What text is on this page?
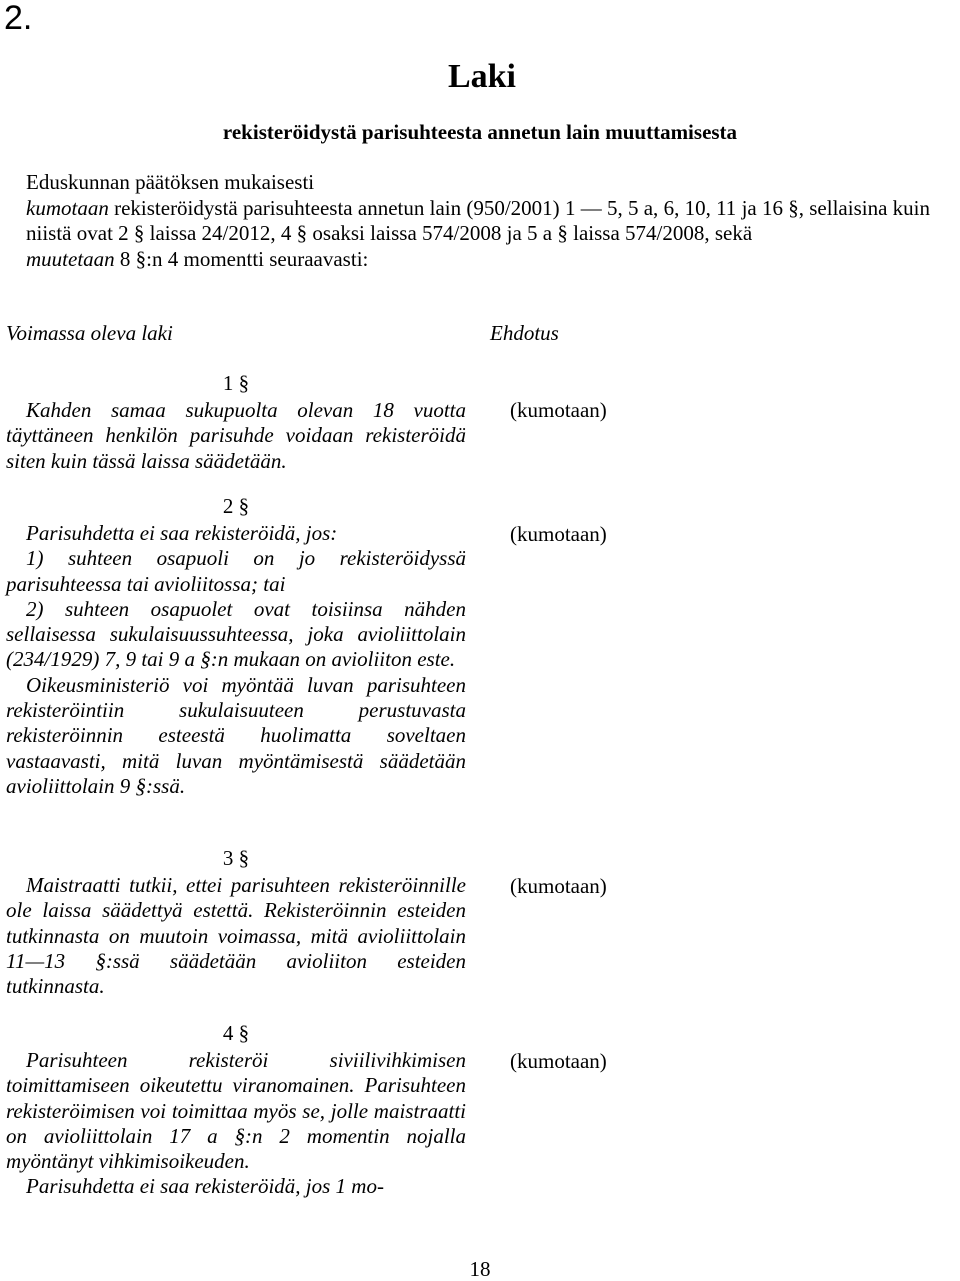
2.
Laki
rekisteröidystä parisuhteesta annetun lain muuttamisesta

Eduskunnan päätöksen mukaisesti

kumotaan rekisteröidystä parisuhteesta annetun lain (950/2001) 1 — 5, 5 a, 6, 10, 11 ja 16 §, sellaisina kuin niistä ovat 2 § laissa 24/2012, 4 § osaksi laissa 574/2008 ja 5 a § laissa 574/2008, sekä

muutetaan 8 §:n 4 momentti seuraavasti:

Voimassa oleva laki	Ehdotus
1 §

Kahden samaa sukupuolta olevan 18 vuotta täyttäneen henkilön parisuhde voidaan rekisteröidä siten kuin tässä laissa säädetään.

(kumotaan)
2 §

Parisuhdetta ei saa rekisteröidä, jos:

1) suhteen osapuoli on jo rekisteröidyssä parisuhteessa tai avioliitossa; tai

2) suhteen osapuolet ovat toisiinsa nähden sellaisessa sukulaisuussuhteessa, joka avioliittolain (234/1929) 7, 9 tai 9 a §:n mukaan on avioliiton este.

Oikeusministeriö voi myöntää luvan parisuhteen rekisteröintiin sukulaisuuteen perustuvasta rekisteröinnin esteestä huolimatta soveltaen vastaavasti, mitä luvan myöntämisestä säädetään avioliittolain 9 §:ssä.

(kumotaan)
3 §

Maistraatti tutkii, ettei parisuhteen rekisteröinnille ole laissa säädettyä estettä. Rekisteröinnin esteiden tutkinnasta on muutoin voimassa, mitä avioliittolain 11—13 §:ssä säädetään avioliiton esteiden tutkinnasta.

(kumotaan)
4 §

Parisuhteen rekisteröi siviilivihkimisen toimittamiseen oikeutettu viranomainen. Parisuhteen rekisteröimisen voi toimittaa myös se, jolle maistraatti on avioliittolain 17 a §:n 2 momentin nojalla myöntänyt vihkimisoikeuden.

Parisuhdetta ei saa rekisteröidä, jos 1 mo-

(kumotaan)
18
